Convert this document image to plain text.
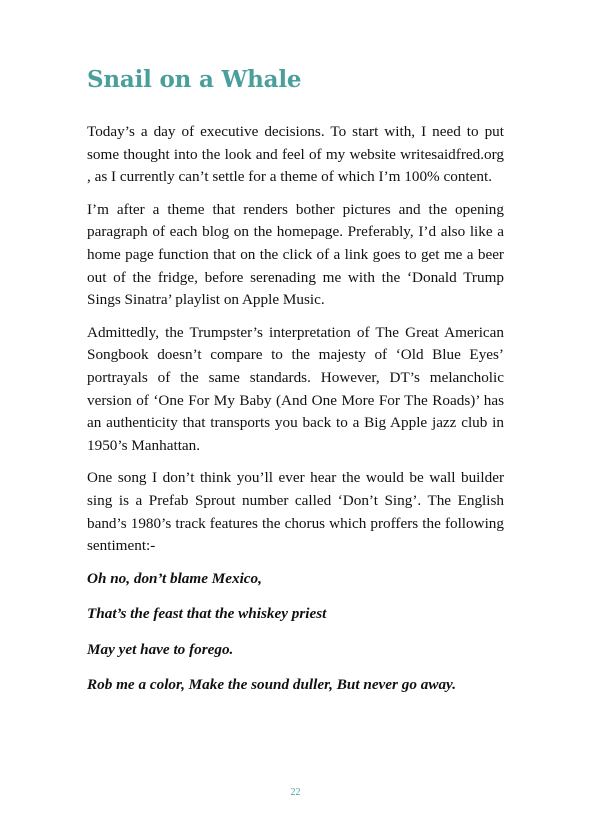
Snail on a Whale

Today’s a day of executive decisions. To start with, I need to put some thought into the look and feel of my website writesaidfred.org , as I currently can’t settle for a theme of which I’m 100% content.

I’m after a theme that renders bother pictures and the opening paragraph of each blog on the homepage. Preferably, I’d also like a home page function that on the click of a link goes to get me a beer out of the fridge, before serenading me with the ‘Donald Trump Sings Sinatra’ playlist on Apple Music.

Admittedly, the Trumpster’s interpretation of The Great American Songbook doesn’t compare to the majesty of ‘Old Blue Eyes’ portrayals of the same standards. However, DT’s melancholic version of ‘One For My Baby (And One More For The Roads)’ has an authenticity that transports you back to a Big Apple jazz club in 1950’s Manhattan.

One song I don’t think you’ll ever hear the would be wall builder sing is a Prefab Sprout number called ‘Don’t Sing’. The English band’s 1980’s track features the chorus which proffers the following sentiment:-

Oh no, don’t blame Mexico,

That’s the feast that the whiskey priest

May yet have to forego.

Rob me a color, Make the sound duller, But never go away.

22
